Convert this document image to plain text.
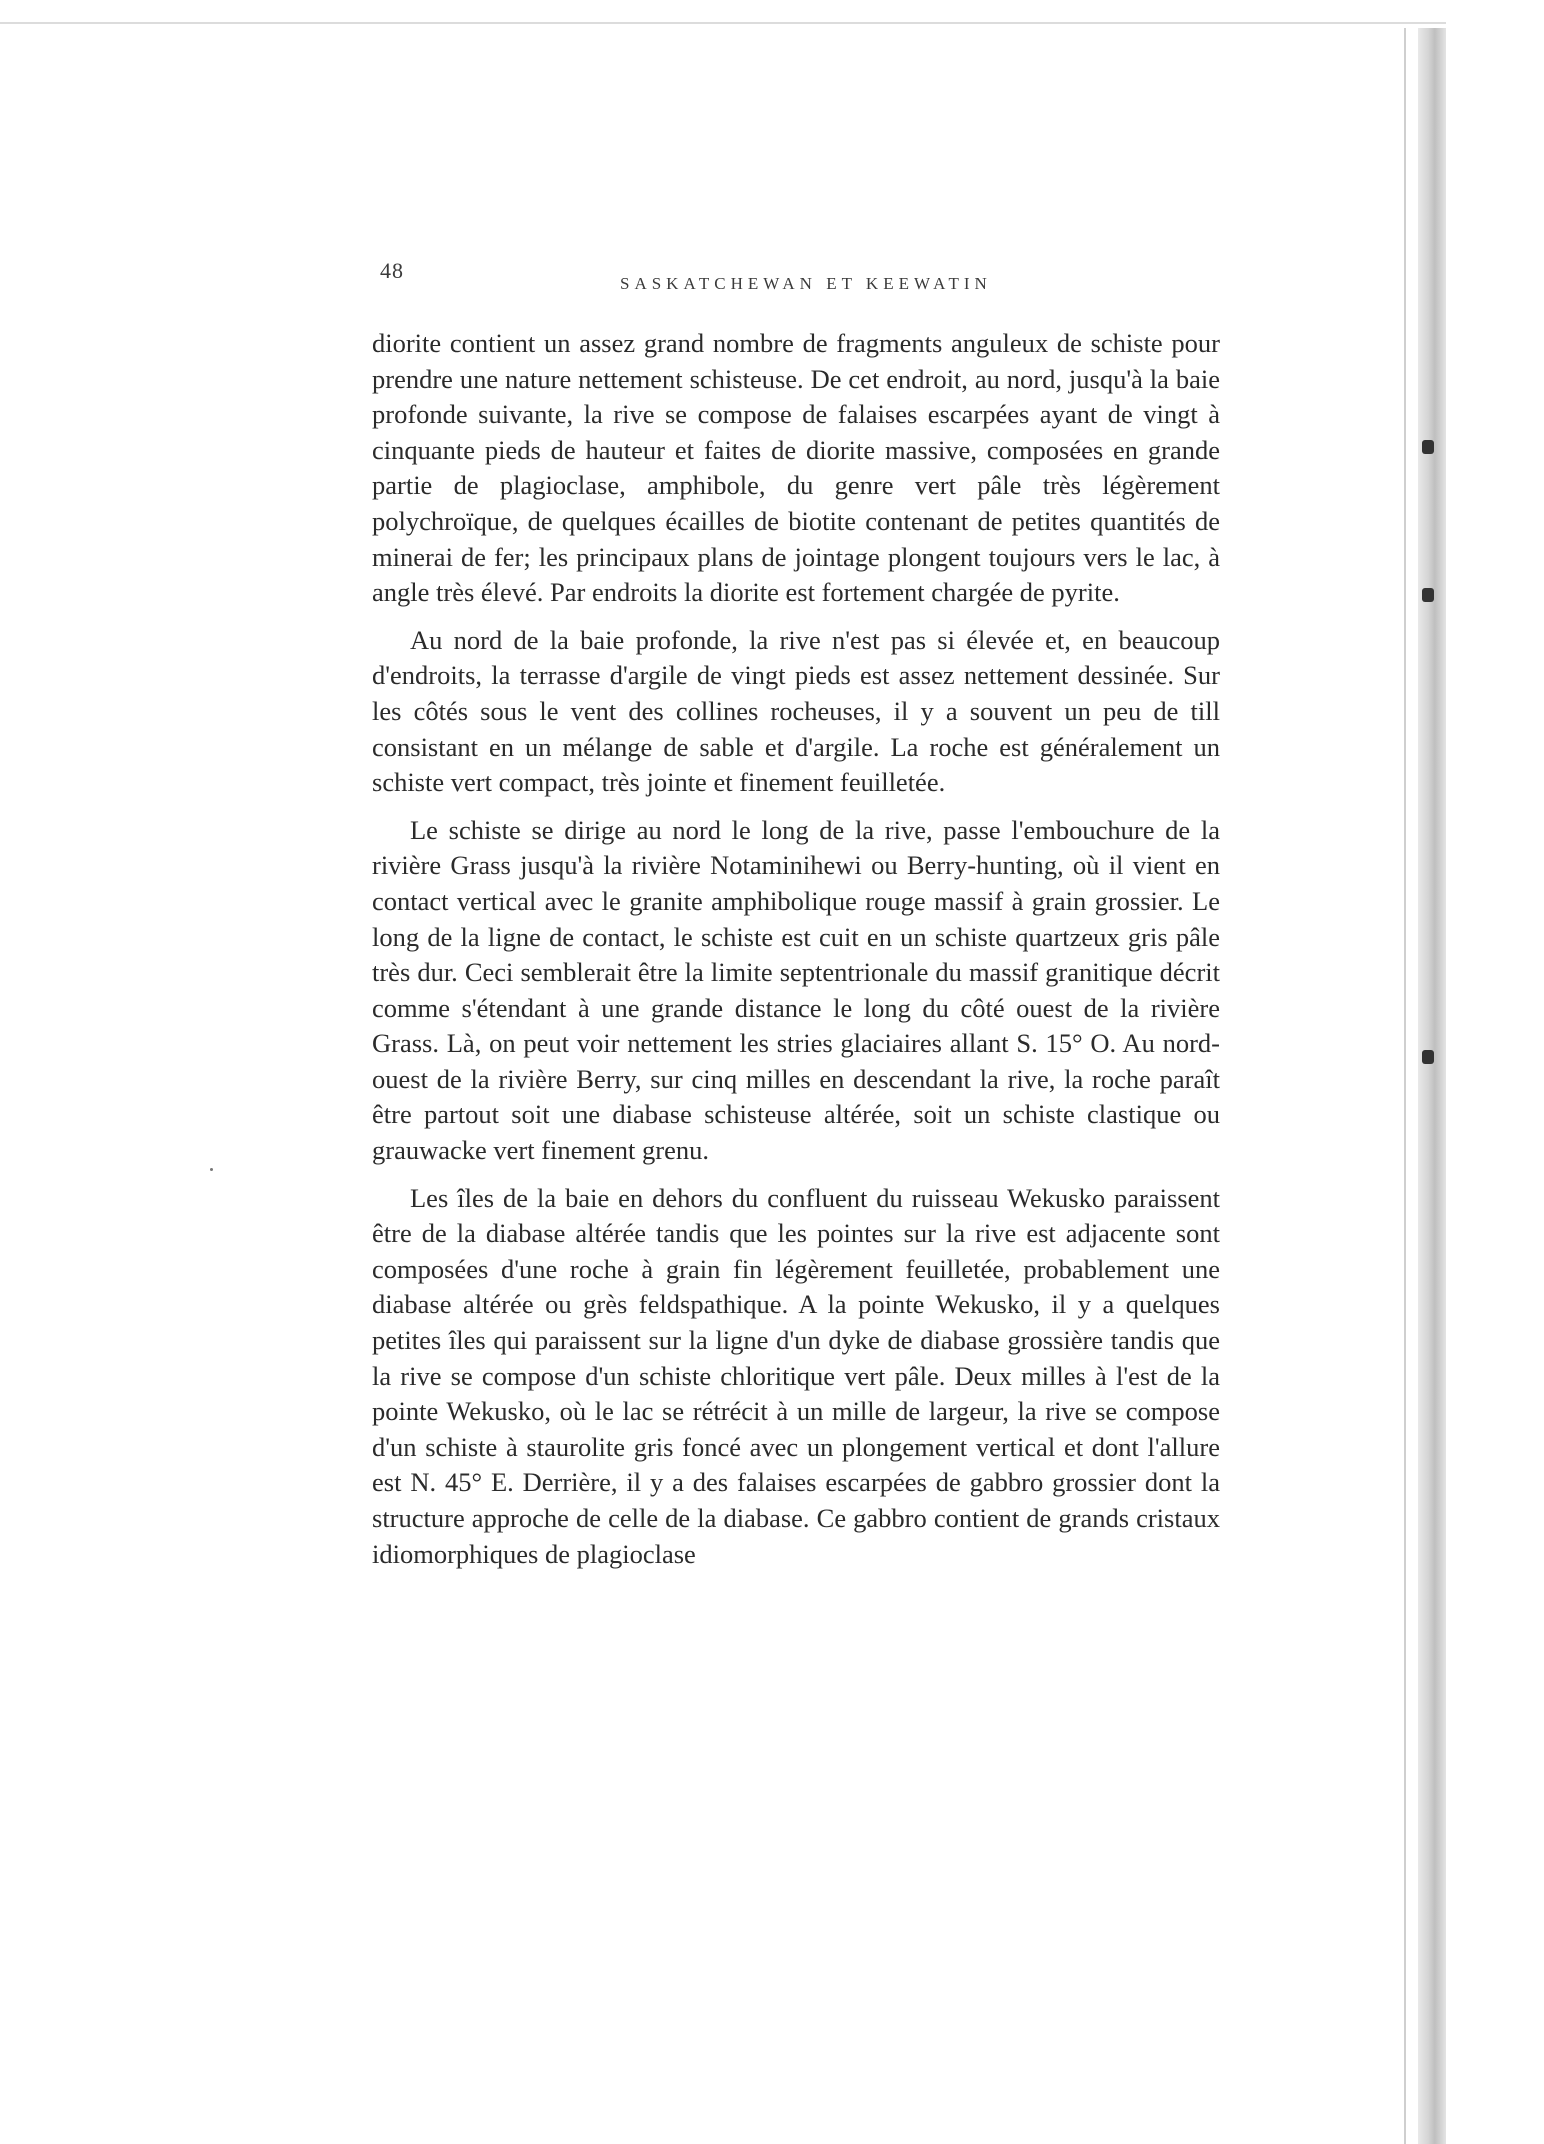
48
SASKATCHEWAN ET KEEWATIN

diorite contient un assez grand nombre de fragments anguleux de schiste pour prendre une nature nettement schisteuse. De cet endroit, au nord, jusqu'à la baie profonde suivante, la rive se compose de falaises escarpées ayant de vingt à cinquante pieds de hauteur et faites de diorite massive, composées en grande partie de plagioclase, amphibole, du genre vert pâle très légèrement polychroïque, de quelques écailles de biotite contenant de petites quantités de minerai de fer; les principaux plans de jointage plongent toujours vers le lac, à angle très élevé. Par endroits la diorite est fortement chargée de pyrite.

Au nord de la baie profonde, la rive n'est pas si élevée et, en beaucoup d'endroits, la terrasse d'argile de vingt pieds est assez nettement dessinée. Sur les côtés sous le vent des collines rocheuses, il y a souvent un peu de till consistant en un mélange de sable et d'argile. La roche est généralement un schiste vert compact, très jointe et finement feuilletée.

Le schiste se dirige au nord le long de la rive, passe l'embouchure de la rivière Grass jusqu'à la rivière Notaminihewi ou Berry-hunting, où il vient en contact vertical avec le granite amphibolique rouge massif à grain grossier. Le long de la ligne de contact, le schiste est cuit en un schiste quartzeux gris pâle très dur. Ceci semblerait être la limite septentrionale du massif granitique décrit comme s'étendant à une grande distance le long du côté ouest de la rivière Grass. Là, on peut voir nettement les stries glaciaires allant S. 15° O. Au nord-ouest de la rivière Berry, sur cinq milles en descendant la rive, la roche paraît être partout soit une diabase schisteuse altérée, soit un schiste clastique ou grauwacke vert finement grenu.

Les îles de la baie en dehors du confluent du ruisseau Wekusko paraissent être de la diabase altérée tandis que les pointes sur la rive est adjacente sont composées d'une roche à grain fin légèrement feuilletée, probablement une diabase altérée ou grès feldspathique. A la pointe Wekusko, il y a quelques petites îles qui paraissent sur la ligne d'un dyke de diabase grossière tandis que la rive se compose d'un schiste chloritique vert pâle. Deux milles à l'est de la pointe Wekusko, où le lac se rétrécit à un mille de largeur, la rive se compose d'un schiste à staurolite gris foncé avec un plongement vertical et dont l'allure est N. 45° E. Derrière, il y a des falaises escarpées de gabbro grossier dont la structure approche de celle de la diabase. Ce gabbro contient de grands cristaux idiomorphiques de plagioclase
